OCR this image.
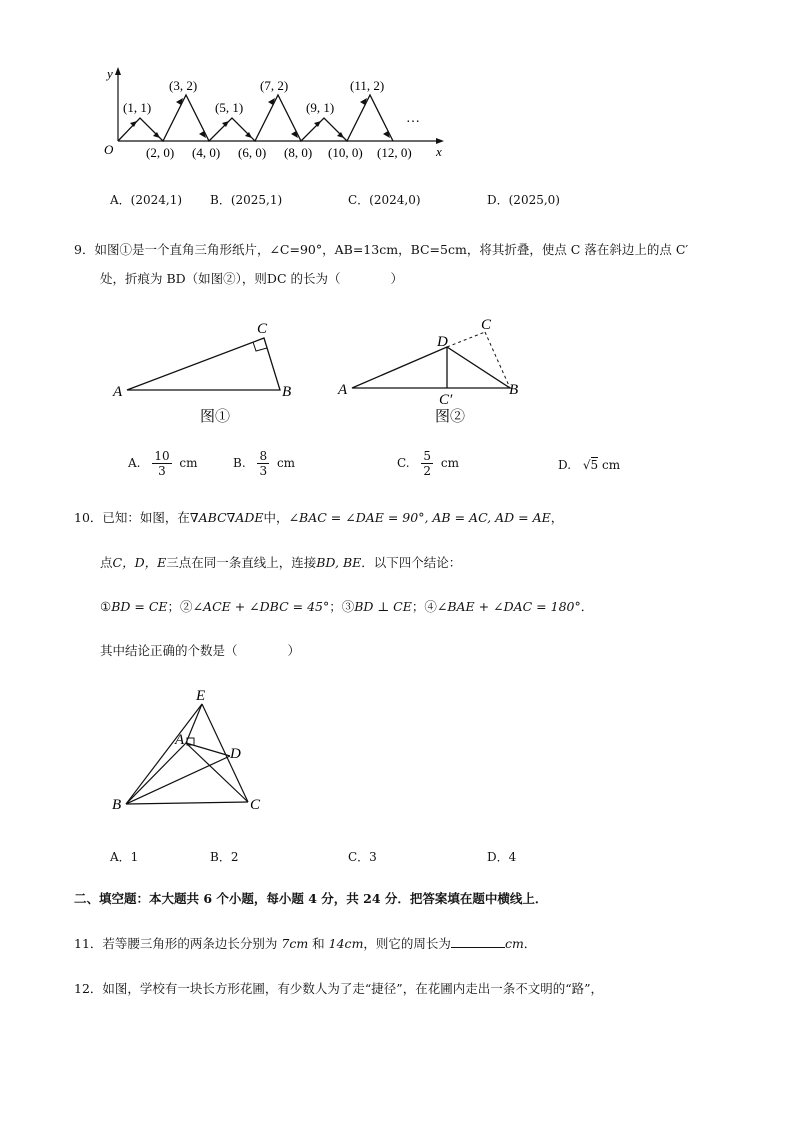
y
x
O
(1, 1)
(3, 2)
(5, 1)
(7, 2)
(9, 1)
(11, 2)
(2, 0) (4, 0) (6, 0) (8, 0) (10, 0) (12, 0)
…
A．(2024,1) B．(2025,1)	C．(2024,0)	D．(2025,0)
9．如图①是一个直角三角形纸片，∠C=90°，AB=13cm，BC=5cm，将其折叠，使点 C 落在斜边上的点 C′
处，折痕为 BD（如图②），则DC 的长为（　　　　）
C
A	B
图①
C
D
A	B
C′
图②
A. $\frac{10}{3}$ cm	B. $\frac{8}{3}$ cm	C. $\frac{5}{2}$ cm	D. √5 cm
10．已知：如图，在∇ABC∇ADE中，∠BAC = ∠DAE = 90°, AB = AC, AD = AE，
点C，D，E三点在同一条直线上，连接BD, BE．以下四个结论：
①BD = CE；②∠ACE + ∠DBC = 45°；③BD ⊥ CE；④∠BAE + ∠DAC = 180°．
其中结论正确的个数是（　　　　）
E
A
D
B	C
A．1	B．2	C．3	D．4
二、填空题：本大题共 6 个小题，每小题 4 分，共 24 分．把答案填在题中横线上．
11．若等腰三角形的两条边长分别为 7cm 和 14cm，则它的周长为	cm．
12．如图，学校有一块长方形花圃，有少数人为了走“捷径”，在花圃内走出一条不文明的“路”，
